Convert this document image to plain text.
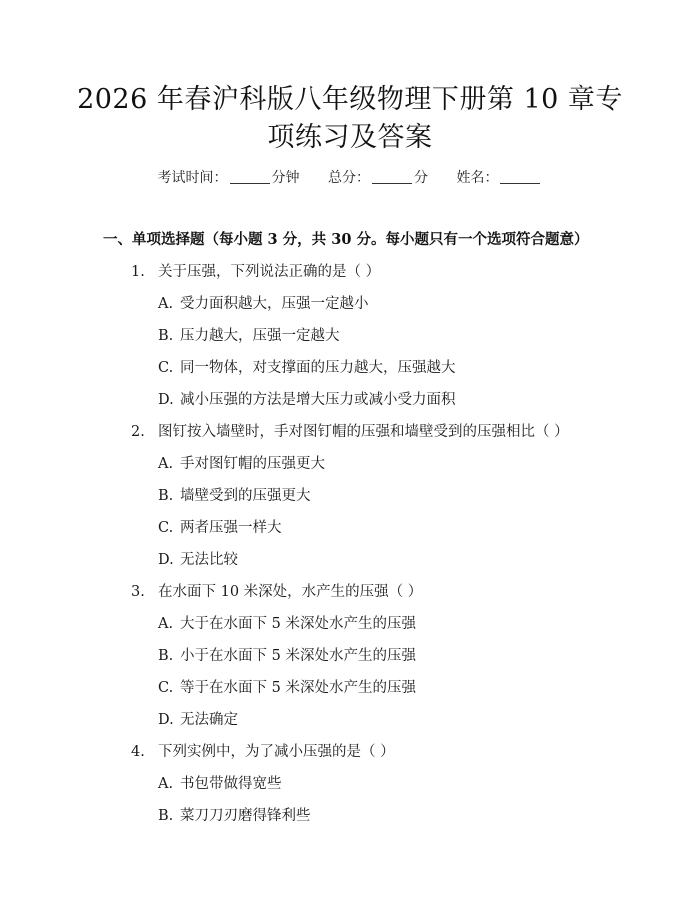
2026 年春沪科版八年级物理下册第 10 章专
项练习及答案
考试时间：	分钟 总分：	分 姓名：
一、单项选择题（每小题 3 分，共 30 分。每小题只有一个选项符合题意）
1. 关于压强，下列说法正确的是（ ）
A. 受力面积越大，压强一定越小
B. 压力越大，压强一定越大
C. 同一物体，对支撑面的压力越大，压强越大
D. 减小压强的方法是增大压力或减小受力面积
2. 图钉按入墙壁时，手对图钉帽的压强和墙壁受到的压强相比（ ）
A. 手对图钉帽的压强更大
B. 墙壁受到的压强更大
C. 两者压强一样大
D. 无法比较
3. 在水面下 10 米深处，水产生的压强（ ）
A. 大于在水面下 5 米深处水产生的压强
B. 小于在水面下 5 米深处水产生的压强
C. 等于在水面下 5 米深处水产生的压强
D. 无法确定
4. 下列实例中，为了减小压强的是（ ）
A. 书包带做得宽些
B. 菜刀刀刃磨得锋利些
